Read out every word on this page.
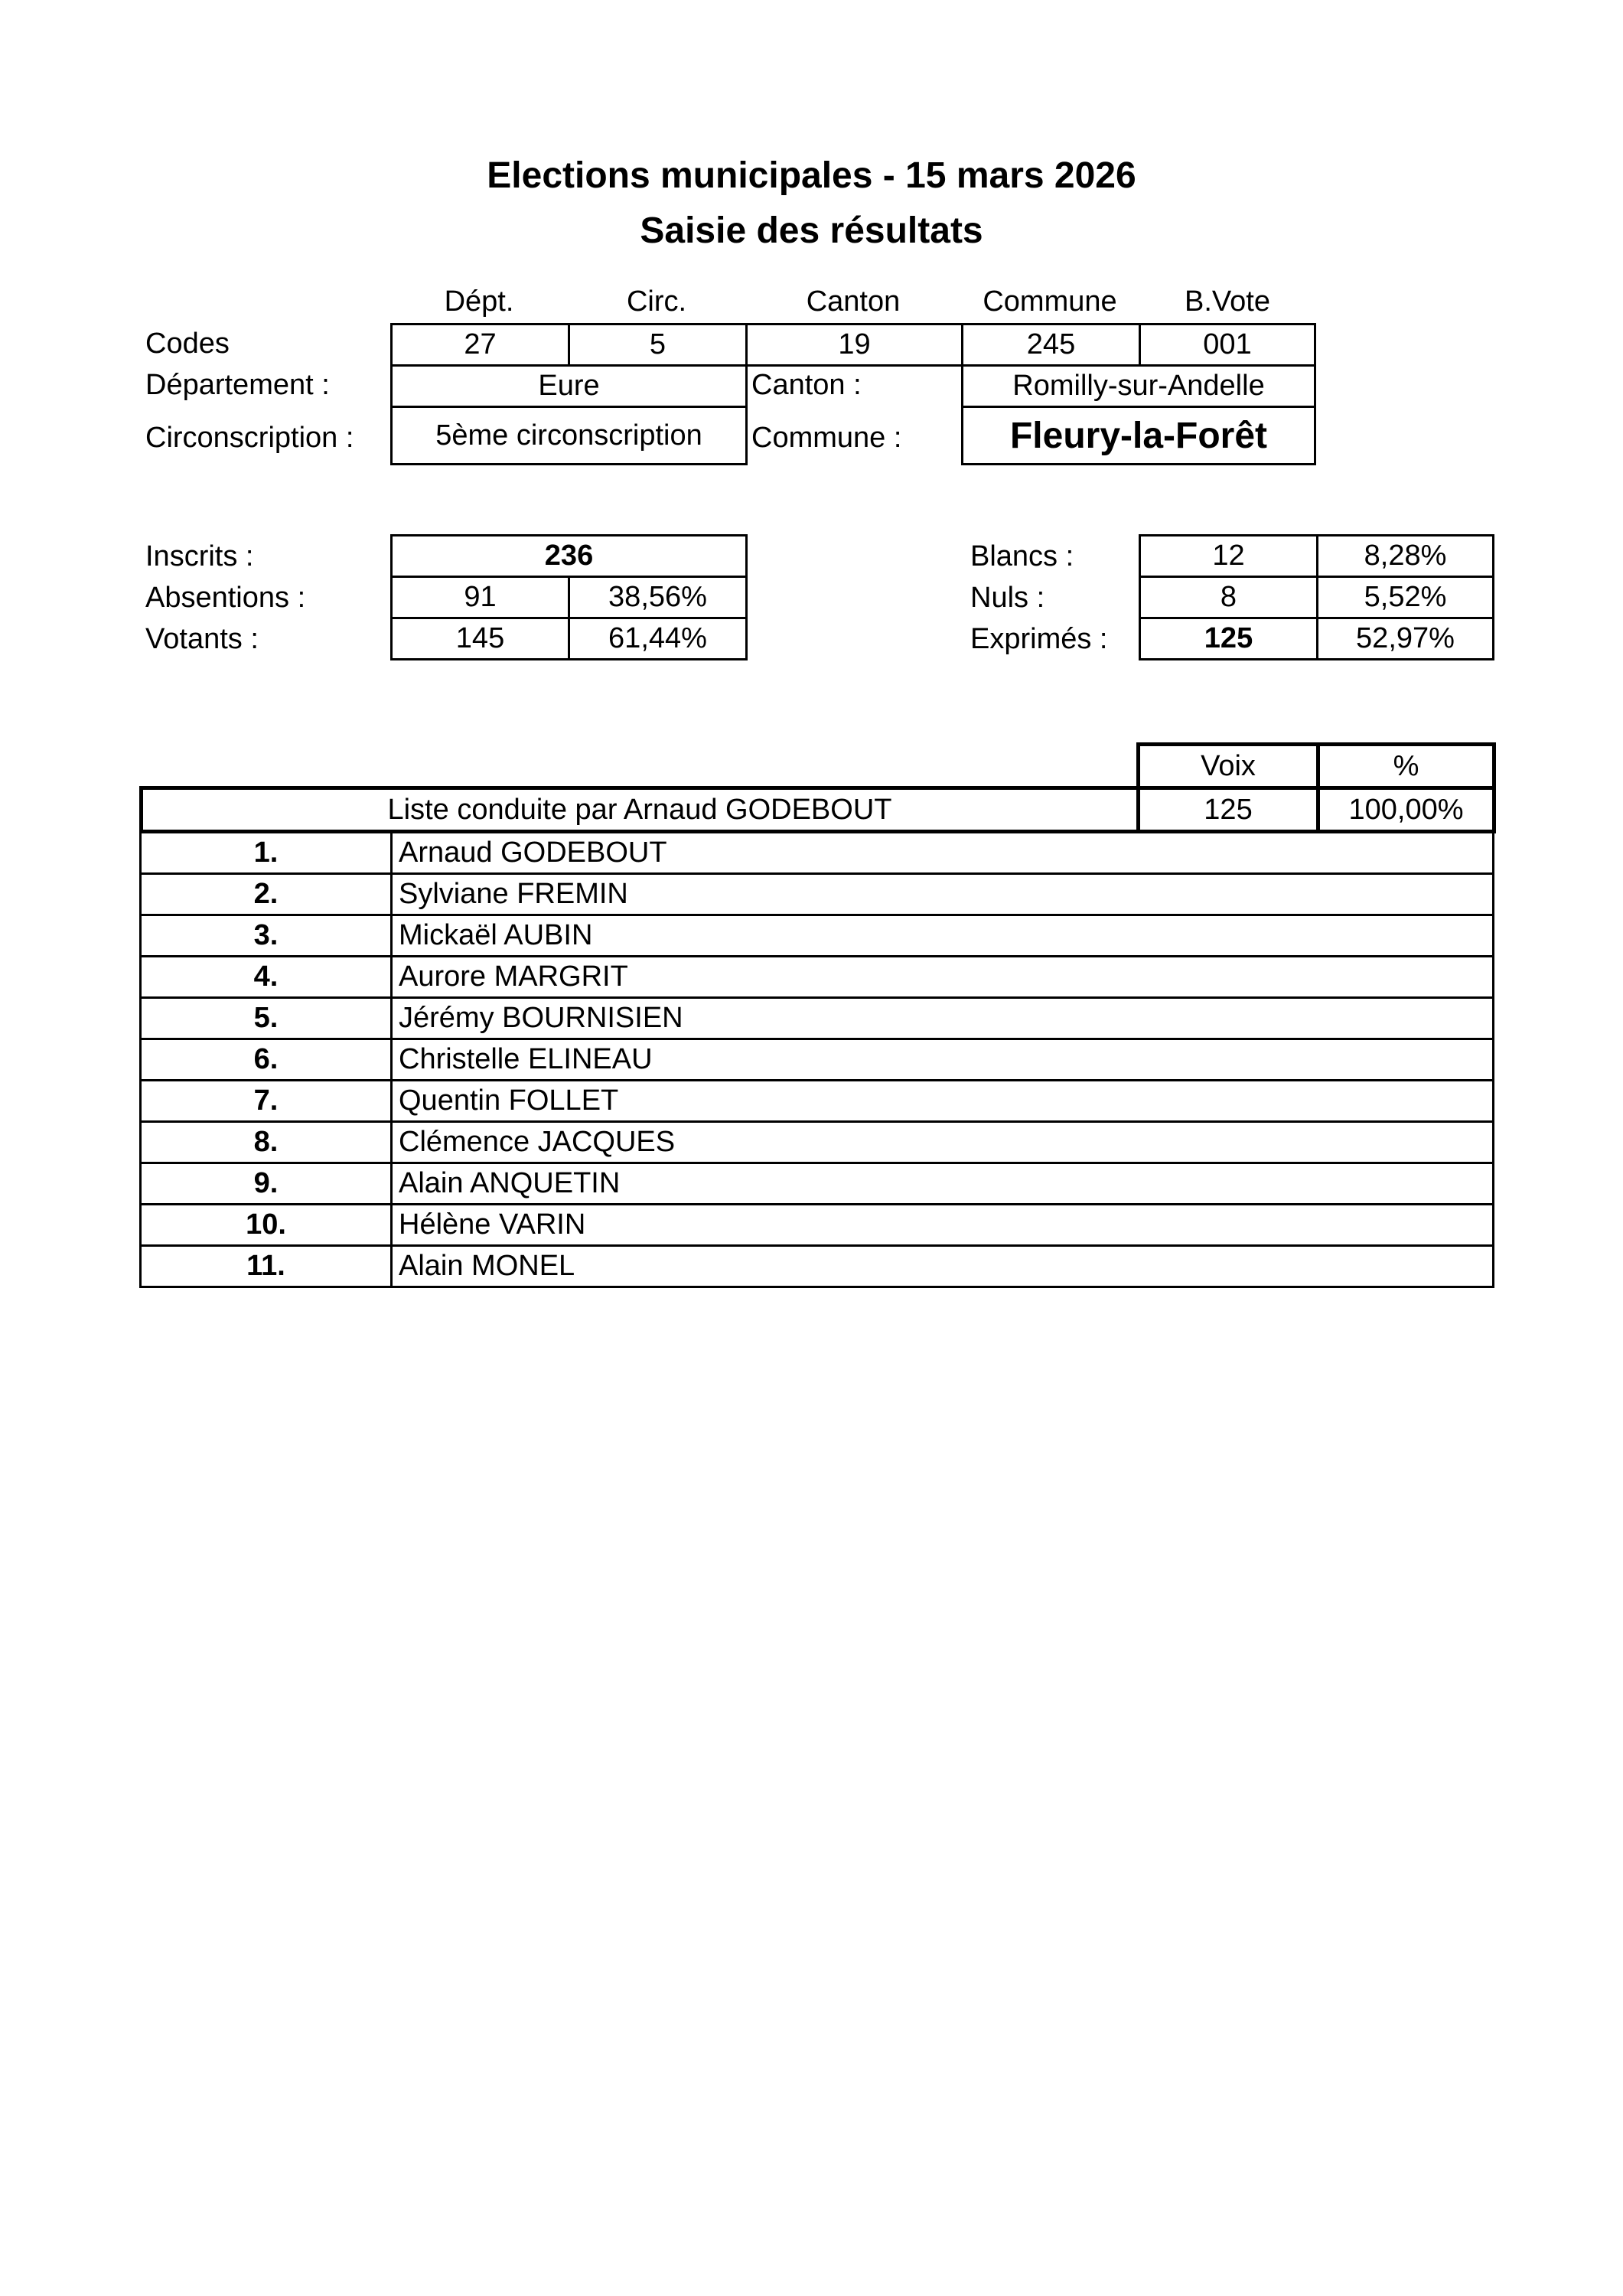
Elections municipales - 15 mars 2026
Saisie des résultats
Dépt.	Circ.	Canton	Commune	B.Vote
Codes	27	5	19	245	001
Département :	Eure	Canton :	Romilly-sur-Andelle
Circonscription :	5ème circonscription	Commune :	Fleury-la-Forêt
Inscrits :	236
Absentions :	91	38,56%
Votants :	145	61,44%
Blancs :	12	8,28%
Nuls :	8	5,52%
Exprimés :	125	52,97%
Voix	%
Liste conduite par Arnaud GODEBOUT	125	100,00%
1.	Arnaud GODEBOUT
2.	Sylviane FREMIN
3.	Mickaël AUBIN
4.	Aurore MARGRIT
5.	Jérémy BOURNISIEN
6.	Christelle ELINEAU
7.	Quentin FOLLET
8.	Clémence JACQUES
9.	Alain ANQUETIN
10.	Hélène VARIN
11.	Alain MONEL
